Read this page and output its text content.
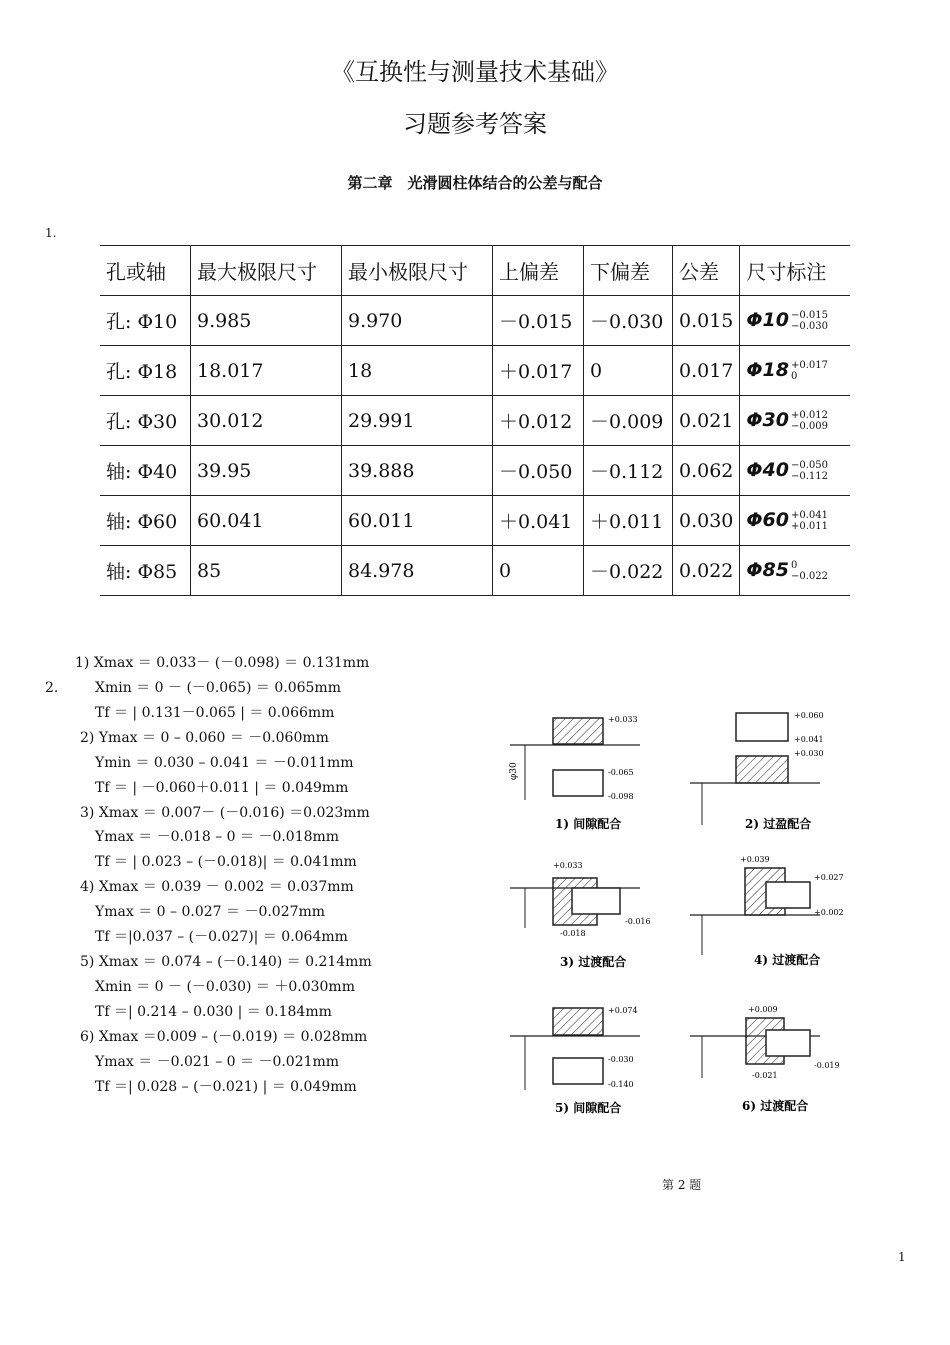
《互换性与测量技术基础》
习题参考答案
第二章　光滑圆柱体结合的公差与配合
1.
孔或轴	最大极限尺寸	最小极限尺寸	上偏差	下偏差	公差	尺寸标注
孔: Φ10	9.985	9.970	－0.015	－0.030	0.015	Φ10 −0.015
−0.030

孔: Φ18	18.017	18	＋0.017	0	0.017	Φ18 +0.017
0

孔: Φ30	30.012	29.991	＋0.012	－0.009	0.021	Φ30 +0.012
−0.009

轴: Φ40	39.95	39.888	－0.050	－0.112	0.062	Φ40 −0.050
−0.112

轴: Φ60	60.041	60.011	＋0.041	＋0.011	0.030	Φ60 +0.041
+0.011

轴: Φ85	85	84.978	0	－0.022	0.022	Φ85 0
−0.022
2.
1) Xmax ＝ 0.033－ (－0.098) ＝ 0.131mm
Xmin ＝ 0 － (－0.065) ＝ 0.065mm
Tf ＝ | 0.131－0.065 | ＝ 0.066mm
2) Ymax ＝ 0 – 0.060 ＝ －0.060mm
Ymin ＝ 0.030 – 0.041 ＝ －0.011mm
Tf ＝ | －0.060＋0.011 | ＝ 0.049mm
3) Xmax ＝ 0.007－ (－0.016) ＝0.023mm
Ymax ＝ －0.018 – 0 ＝ －0.018mm
Tf ＝ | 0.023 – (－0.018)| ＝ 0.041mm
4) Xmax ＝ 0.039 － 0.002 ＝ 0.037mm
Ymax ＝ 0 – 0.027 ＝ －0.027mm
Tf ＝|0.037 – (－0.027)| ＝ 0.064mm
5) Xmax ＝ 0.074 – (－0.140) ＝ 0.214mm
Xmin ＝ 0 － (－0.030) ＝ ＋0.030mm
Tf ＝| 0.214 – 0.030 | ＝ 0.184mm
6) Xmax ＝0.009 – (－0.019) ＝ 0.028mm
Ymax ＝ －0.021 – 0 ＝ －0.021mm
Tf ＝| 0.028 – (－0.021) | ＝ 0.049mm
φ30
+0.033
-0.065
-0.098
1) 间隙配合
+0.060
+0.041
+0.030
2) 过盈配合
+0.033
-0.016
-0.018
3) 过渡配合
+0.039
+0.027
+0.002
4) 过渡配合
+0.074
-0.030
-0.140
5) 间隙配合
+0.009
-0.019
-0.021
6) 过渡配合
第 2 题
1
